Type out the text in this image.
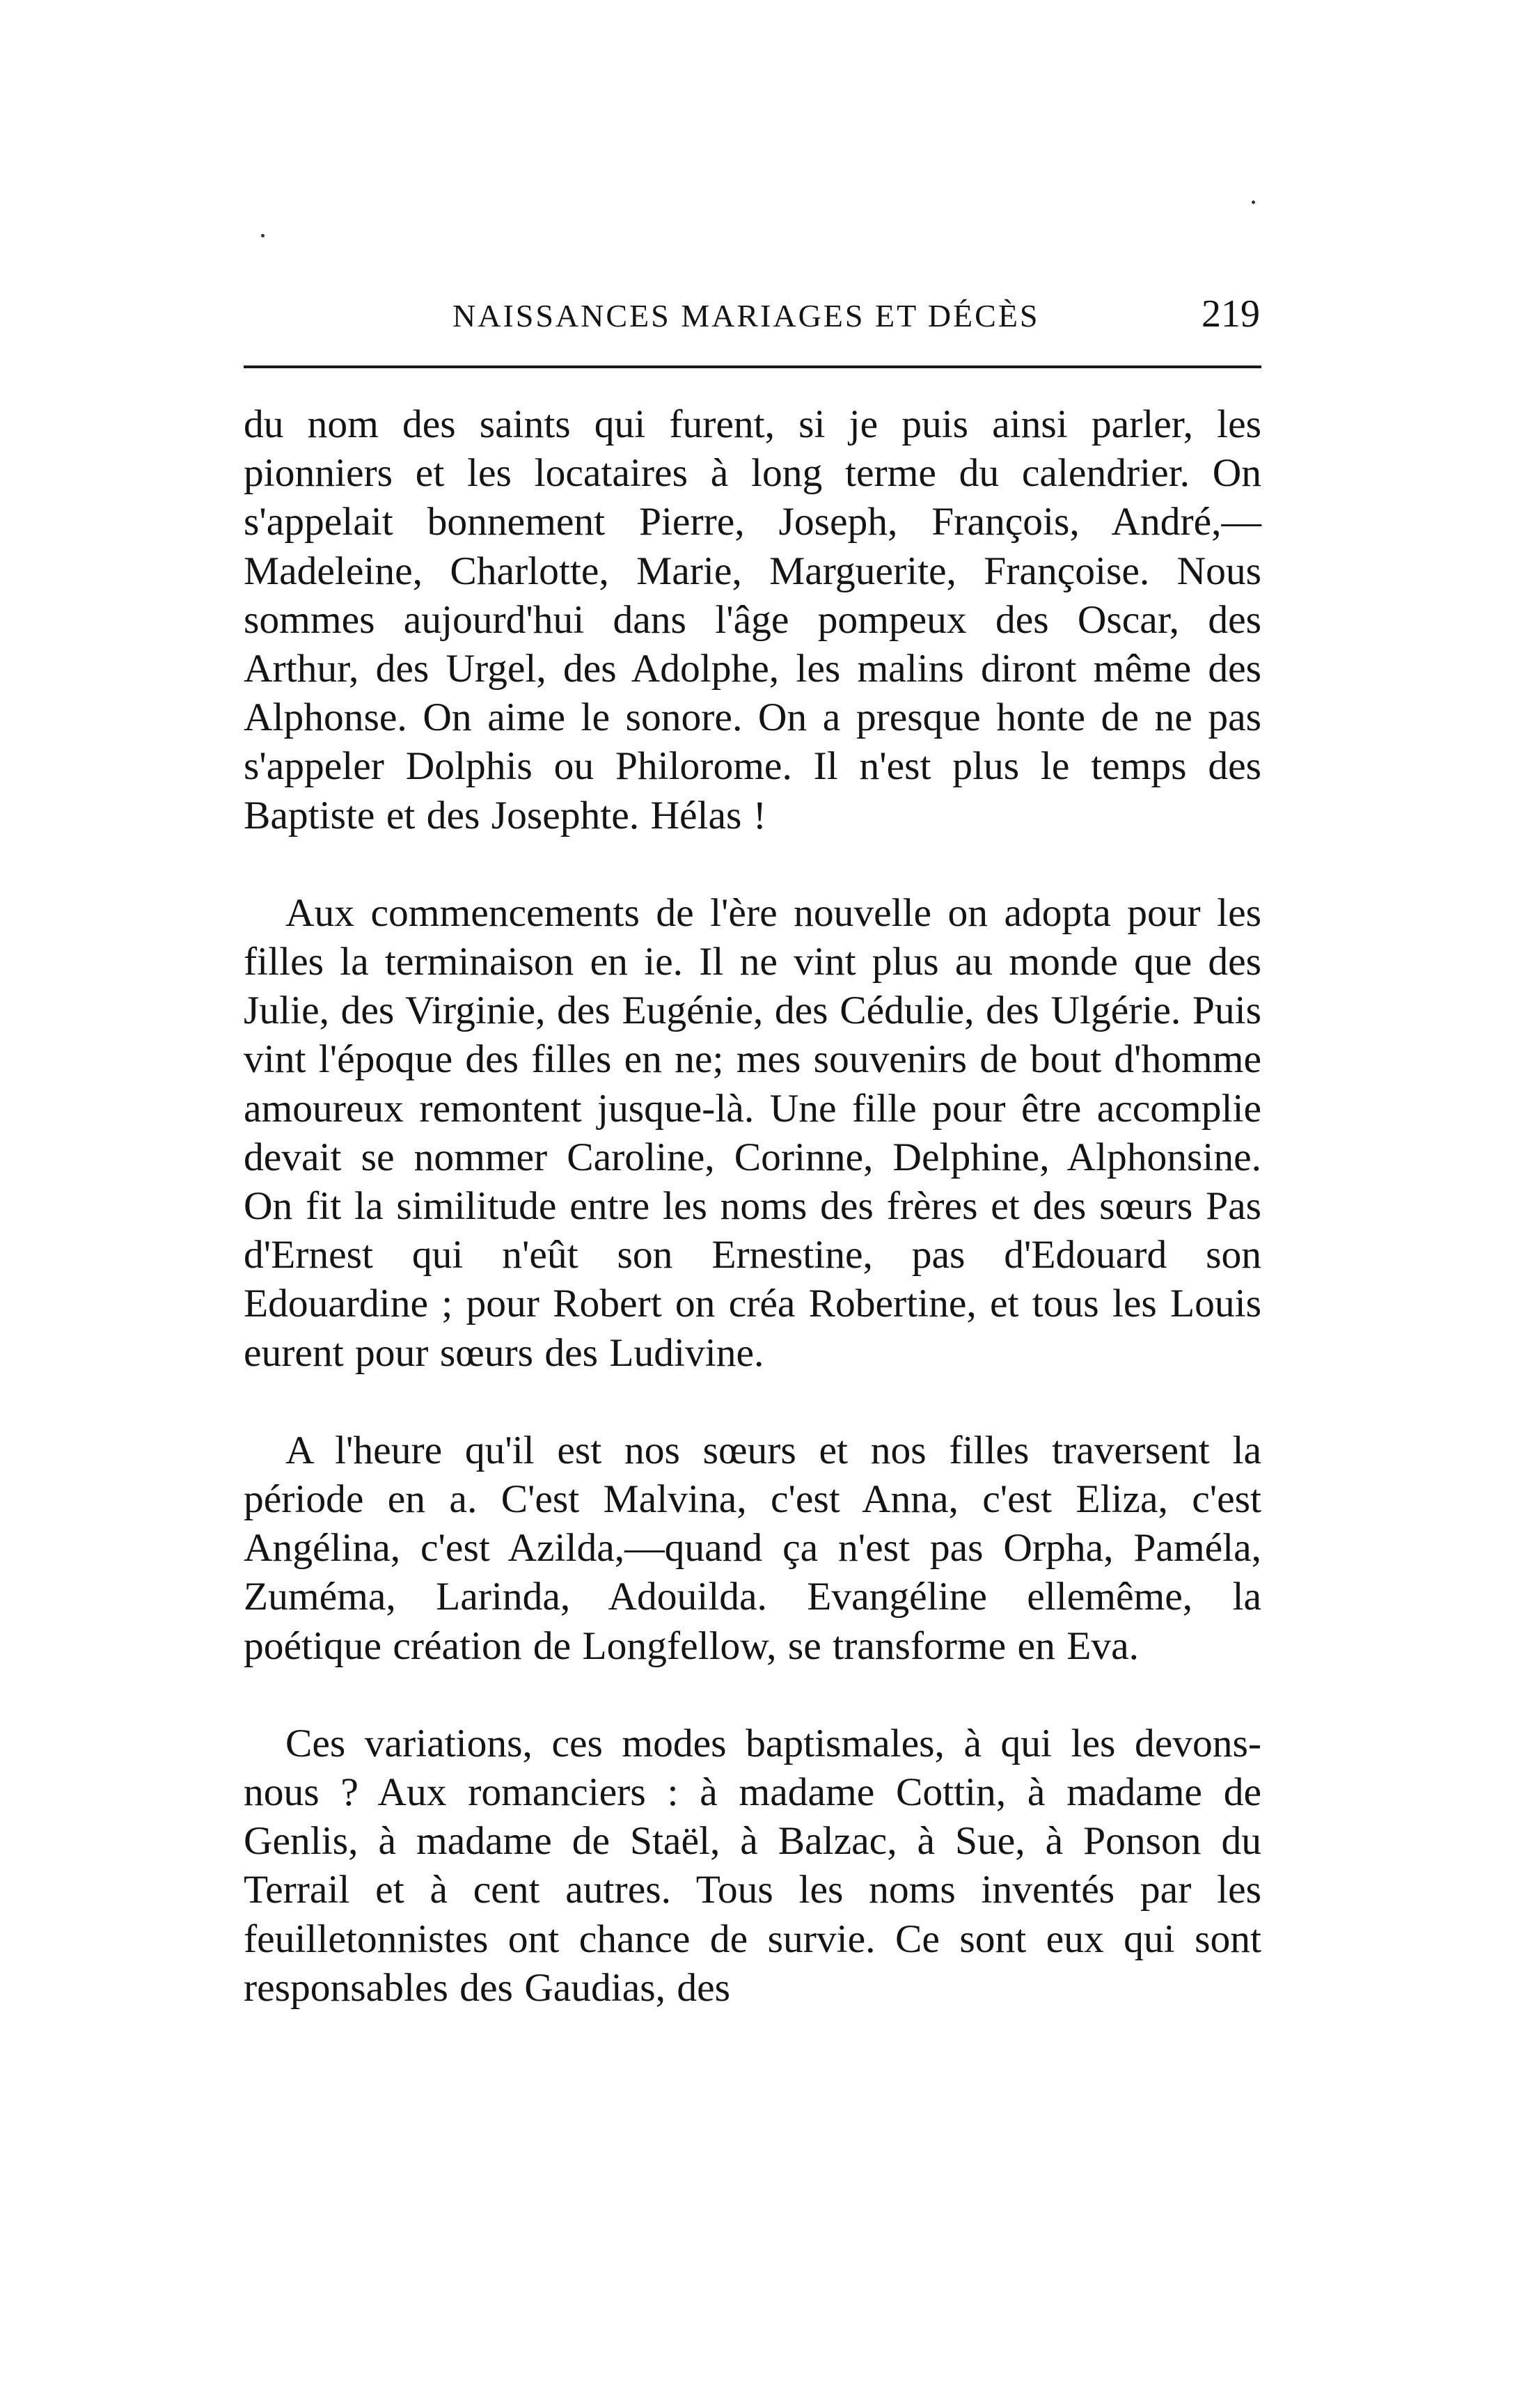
NAISSANCES MARIAGES ET DÉCÈS	219

du nom des saints qui furent, si je puis ainsi parler, les pionniers et les locataires à long terme du calendrier. On s'appelait bonnement Pierre, Joseph, François, André,—Madeleine, Charlotte, Marie, Marguerite, Françoise. Nous sommes aujourd'hui dans l'âge pompeux des Oscar, des Arthur, des Urgel, des Adolphe, les malins diront même des Alphonse. On aime le sonore. On a presque honte de ne pas s'appeler Dolphis ou Philorome. Il n'est plus le temps des Baptiste et des Josephte. Hélas !

Aux commencements de l'ère nouvelle on adopta pour les filles la terminaison en ie. Il ne vint plus au monde que des Julie, des Virginie, des Eugénie, des Cédulie, des Ulgérie. Puis vint l'époque des filles en ne; mes souvenirs de bout d'homme amoureux remontent jusque-là. Une fille pour être accomplie devait se nommer Caroline, Corinne, Delphine, Alphonsine. On fit la similitude entre les noms des frères et des sœurs Pas d'Ernest qui n'eût son Ernestine, pas d'Edouard son Edouardine ; pour Robert on créa Robertine, et tous les Louis eurent pour sœurs des Ludivine.

A l'heure qu'il est nos sœurs et nos filles traversent la période en a. C'est Malvina, c'est Anna, c'est Eliza, c'est Angélina, c'est Azilda,—quand ça n'est pas Orpha, Paméla, Zuméma, Larinda, Adouilda. Evangéline ellemême, la poétique création de Longfellow, se transforme en Eva.

Ces variations, ces modes baptismales, à qui les devons-nous ? Aux romanciers : à madame Cottin, à madame de Genlis, à madame de Staël, à Balzac, à Sue, à Ponson du Terrail et à cent autres. Tous les noms inventés par les feuilletonnistes ont chance de survie. Ce sont eux qui sont responsables des Gaudias, des
